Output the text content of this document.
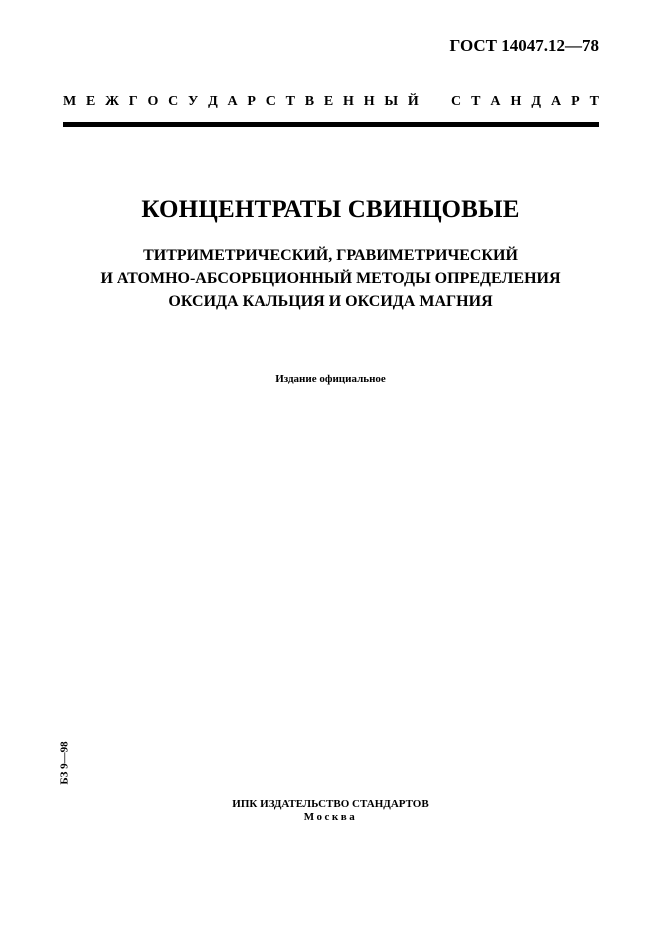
ГОСТ 14047.12—78
М Е Ж Г О С У Д А Р С Т В Е Н Н Ы Й С Т А Н Д А Р Т
КОНЦЕНТРАТЫ СВИНЦОВЫЕ
ТИТРИМЕТРИЧЕСКИЙ, ГРАВИМЕТРИЧЕСКИЙ
И АТОМНО-АБСОРБЦИОННЫЙ МЕТОДЫ ОПРЕДЕЛЕНИЯ
ОКСИДА КАЛЬЦИЯ И ОКСИДА МАГНИЯ
Издание официальное
БЗ 9—98
ИПК ИЗДАТЕЛЬСТВО СТАНДАРТОВ
Москва
